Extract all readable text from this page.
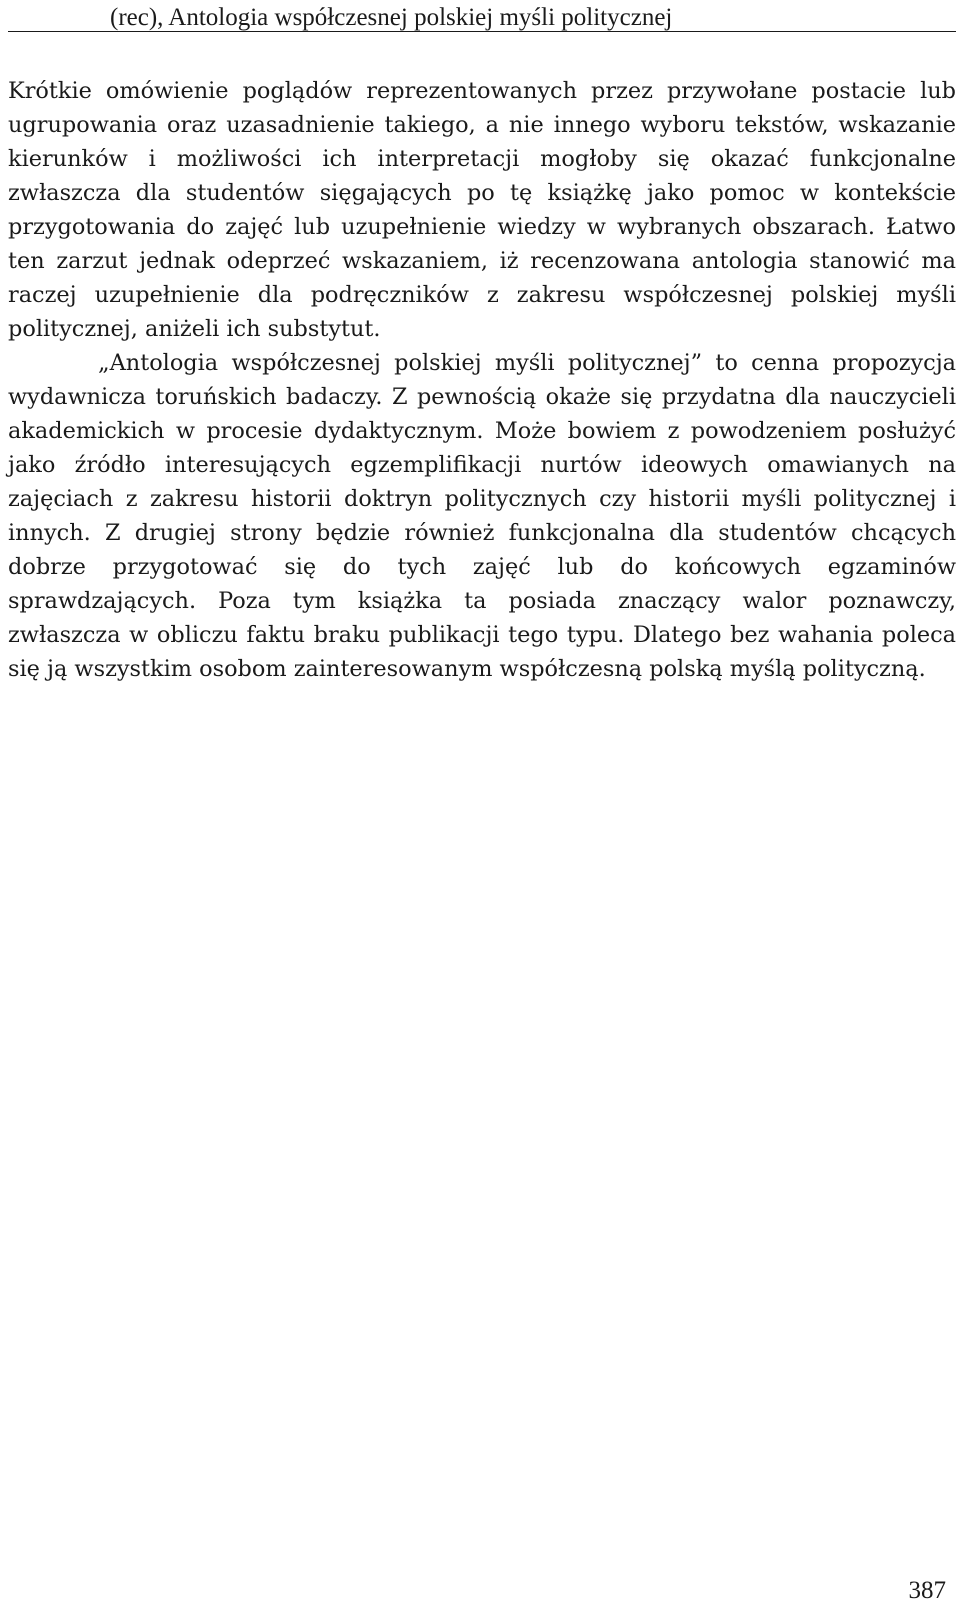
(rec), Antologia współczesnej polskiej myśli politycznej

Krótkie omówienie poglądów reprezentowanych przez przywołane postacie lub ugrupowania oraz uzasadnienie takiego, a nie innego wyboru tekstów, wskazanie kierunków i możliwości ich interpretacji mogłoby się okazać funkcjonalne zwłaszcza dla studentów sięgających po tę książkę jako pomoc w kontekście przygotowania do zajęć lub uzupełnienie wiedzy w wybranych obszarach. Łatwo ten zarzut jednak odeprzeć wskazaniem, iż recenzowana antologia stanowić ma raczej uzupełnienie dla podręczników z zakresu współczesnej polskiej myśli politycznej, aniżeli ich substytut.

„Antologia współczesnej polskiej myśli politycznej” to cenna propozycja wydawnicza toruńskich badaczy. Z pewnością okaże się przydatna dla nauczycieli akademickich w procesie dydaktycznym. Może bowiem z powodzeniem posłużyć jako źródło interesujących egzemplifikacji nurtów ideowych omawianych na zajęciach z zakresu historii doktryn politycznych czy historii myśli politycznej i innych. Z drugiej strony będzie również funkcjonalna dla studentów chcących dobrze przygotować się do tych zajęć lub do końcowych egzaminów sprawdzających. Poza tym książka ta posiada znaczący walor poznawczy, zwłaszcza w obliczu faktu braku publikacji tego typu. Dlatego bez wahania poleca się ją wszystkim osobom zainteresowanym współczesną polską myślą polityczną.

387
